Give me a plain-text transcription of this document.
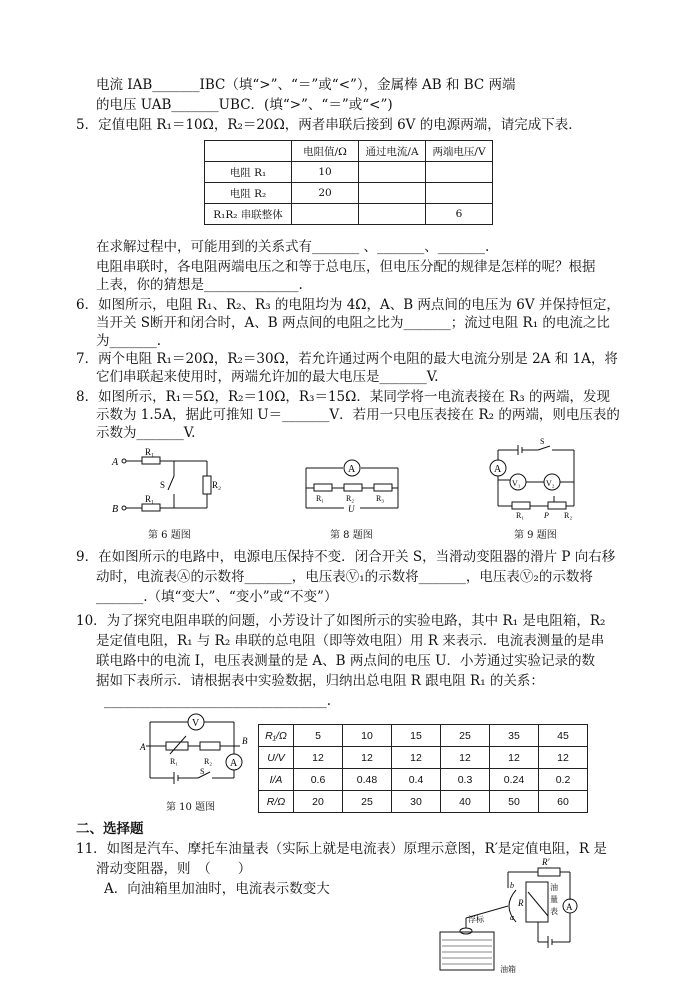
电流 IAB_______IBC（填“>”、“＝”或“<”），金属棒 AB 和 BC 两端
的电压 UAB_______UBC．(填“>”、“＝”或“<”)
5．定值电阻 R₁＝10Ω，R₂＝20Ω，两者串联后接到 6V 的电源两端，请完成下表．
	电阻值/Ω	通过电流/A	两端电压/V
电阻 R₁	10		
电阻 R₂	20		
R₁R₂ 串联整体			6
在求解过程中，可能用到的关系式有_______ 、_______、_______.
电阻串联时，各电阻两端电压之和等于总电压，但电压分配的规律是怎样的呢？根据
上表，你的猜想是______________.
6．如图所示，电阻 R₁、R₂、R₃ 的电阻均为 4Ω，A、B 两点间的电压为 6V 并保持恒定，
当开关 S断开和闭合时，A、B 两点间的电阻之比为_______；流过电阻 R₁ 的电流之比
为_______.
7．两个电阻 R₁＝20Ω，R₂＝30Ω，若允许通过两个电阻的最大电流分别是 2A 和 1A，将
它们串联起来使用时，两端允许加的最大电压是_______V.
8．如图所示，R₁＝5Ω，R₂＝10Ω，R₃＝15Ω．某同学将一电流表接在 R₃ 的两端，发现
示数为 1.5A，据此可推知 U＝_______V．若用一只电压表接在 R₂ 的两端，则电压表的
示数为_______V.
A
B
R₁
R₁
R₂
S
第 6 题图
A
R₁	R₂	R₃
U
第 8 题图
A
S
V₁	V₂
R₁ P R₂
第 9 题图
9．在如图所示的电路中，电源电压保持不变．闭合开关 S，当滑动变阻器的滑片 P 向右移
动时，电流表Ⓐ的示数将_______，电压表Ⓥ₁的示数将_______，电压表Ⓥ₂的示数将
_______.（填“变大”、“变小”或“不变”）
10．为了探究电阻串联的问题，小芳设计了如图所示的实验电路，其中 R₁ 是电阻箱，R₂
是定值电阻，R₁ 与 R₂ 串联的总电阻（即等效电阻）用 R 来表示．电流表测量的是串
联电路中的电流 I，电压表测量的是 A、B 两点间的电压 U．小芳通过实验记录的数
据如下表所示．请根据表中实验数据，归纳出总电阻 R 跟电阻 R₁ 的关系：
_________________________________.
V
A
B
R₁	R₂
S
A
第 10 题图
R₁/Ω	5	10	15	25	35	45
U/V	12	12	12	12	12	12
I/A	0.6	0.48	0.4	0.3	0.24	0.2
R/Ω	20	25	30	40	50	60
二、选择题
11．如图是汽车、摩托车油量表（实际上就是电流表）原理示意图，R′是定值电阻，R 是
滑动变阻器，则　（　　）
A．向油箱里加油时，电流表示数变大
R′
b
R
a
浮标
油
量
表 A
油箱
